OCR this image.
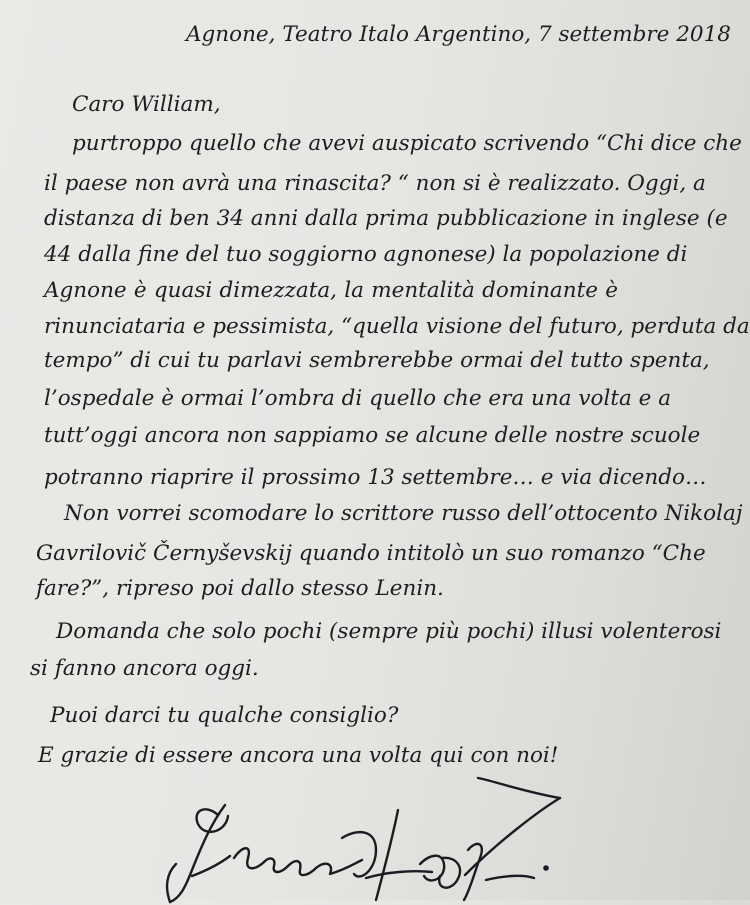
Agnone, Teatro Italo Argentino, 7 settembre 2018

Caro William,

purtroppo quello che avevi auspicato scrivendo “Chi dice che

il paese non avrà una rinascita? “ non si è realizzato. Oggi, a

distanza di ben 34 anni dalla prima pubblicazione in inglese (e

44 dalla fine del tuo soggiorno agnonese) la popolazione di

Agnone è quasi dimezzata, la mentalità dominante è

rinunciataria e pessimista, “quella visione del futuro, perduta da

tempo” di cui tu parlavi sembrerebbe ormai del tutto spenta,

l’ospedale è ormai l’ombra di quello che era una volta e a

tutt’oggi ancora non sappiamo se alcune delle nostre scuole

potranno riaprire il prossimo 13 settembre… e via dicendo…

Non vorrei scomodare lo scrittore russo dell’ottocento Nikolaj

Gavrilovič Černyševskij quando intitolò un suo romanzo “Che

fare?”, ripreso poi dallo stesso Lenin.

Domanda che solo pochi (sempre più pochi) illusi volenterosi

si fanno ancora oggi.

Puoi darci tu qualche consiglio?

E grazie di essere ancora una volta qui con noi!
